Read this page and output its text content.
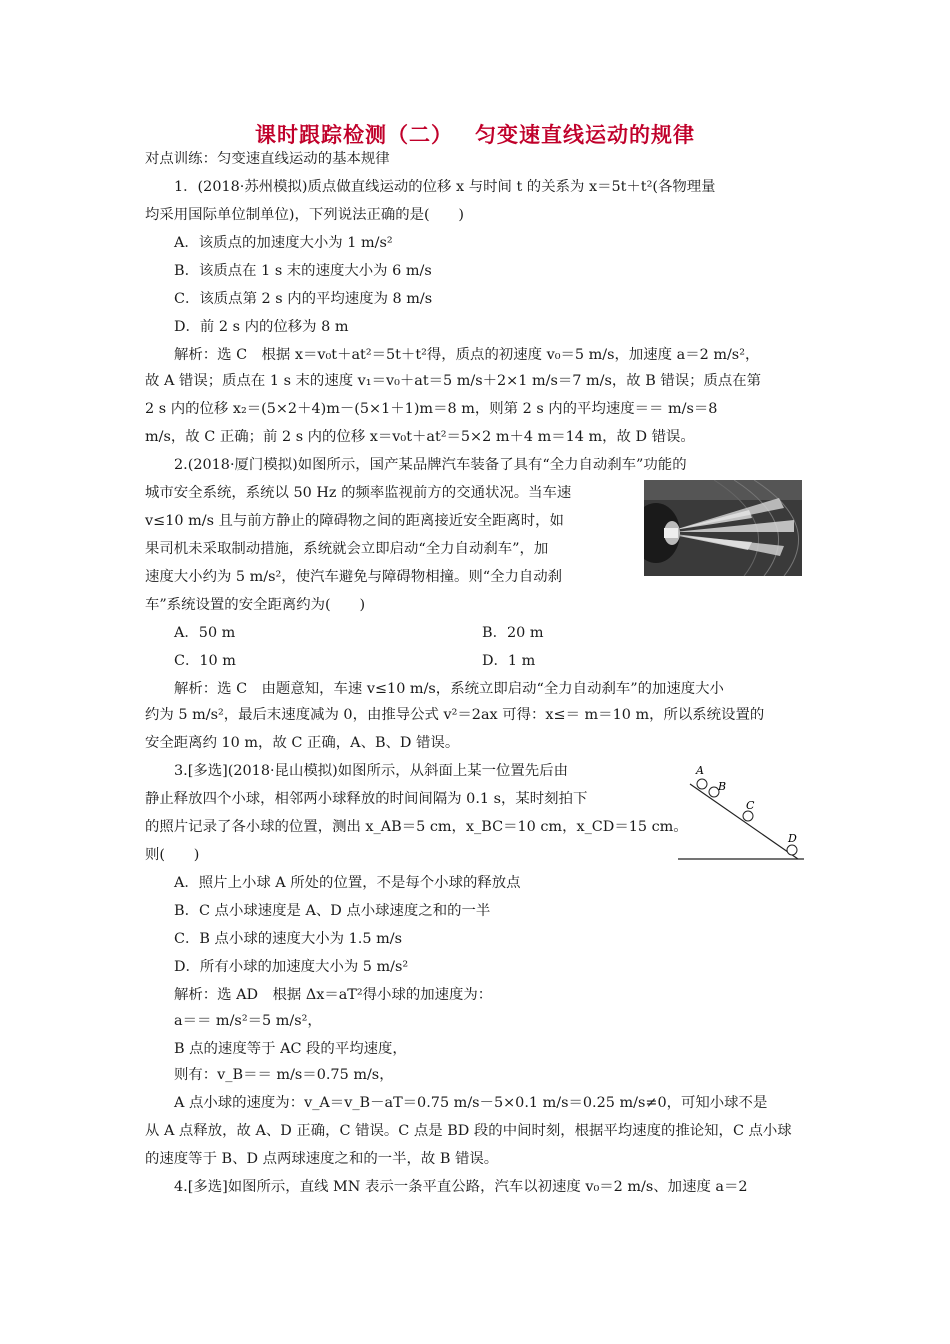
课时跟踪检测（二） 匀变速直线运动的规律
对点训练：匀变速直线运动的基本规律
1．(2018·苏州模拟)质点做直线运动的位移 x 与时间 t 的关系为 x＝5t＋t²(各物理量
均采用国际单位制单位)，下列说法正确的是(　　)
A．该质点的加速度大小为 1 m/s²
B．该质点在 1 s 末的速度大小为 6 m/s
C．该质点第 2 s 内的平均速度为 8 m/s
D．前 2 s 内的位移为 8 m
解析：选 C　根据 x＝v₀t＋at²＝5t＋t²得，质点的初速度 v₀＝5 m/s，加速度 a＝2 m/s²，
故 A 错误；质点在 1 s 末的速度 v₁＝v₀＋at＝5 m/s＋2×1 m/s＝7 m/s，故 B 错误；质点在第
2 s 内的位移 x₂＝(5×2＋4)m－(5×1＋1)m＝8 m，则第 2 s 内的平均速度＝＝ m/s＝8
m/s，故 C 正确；前 2 s 内的位移 x＝v₀t＋at²＝5×2 m＋4 m＝14 m，故 D 错误。
2.(2018·厦门模拟)如图所示，国产某品牌汽车装备了具有“全力自动刹车”功能的
城市安全系统，系统以 50 Hz 的频率监视前方的交通状况。当车速
v≤10 m/s 且与前方静止的障碍物之间的距离接近安全距离时，如
果司机未采取制动措施，系统就会立即启动“全力自动刹车”，加
速度大小约为 5 m/s²，使汽车避免与障碍物相撞。则“全力自动刹
车”系统设置的安全距离约为(　　)
A．50 m	B．20 m
C．10 m	D．1 m
解析：选 C　由题意知，车速 v≤10 m/s，系统立即启动“全力自动刹车”的加速度大小
约为 5 m/s²，最后末速度减为 0，由推导公式 v²＝2ax 可得：x≤＝ m＝10 m，所以系统设置的
安全距离约 10 m，故 C 正确，A、B、D 错误。
3.[多选](2018·昆山模拟)如图所示，从斜面上某一位置先后由
静止释放四个小球，相邻两小球释放的时间间隔为 0.1 s，某时刻拍下
的照片记录了各小球的位置，测出 x_AB＝5 cm，x_BC＝10 cm，x_CD＝15 cm。
则(　　)
A
B
C
D
A．照片上小球 A 所处的位置，不是每个小球的释放点
B．C 点小球速度是 A、D 点小球速度之和的一半
C．B 点小球的速度大小为 1.5 m/s
D．所有小球的加速度大小为 5 m/s²
解析：选 AD　根据 Δx＝aT²得小球的加速度为：
a＝＝ m/s²＝5 m/s²，
B 点的速度等于 AC 段的平均速度，
则有：v_B＝＝ m/s＝0.75 m/s，
A 点小球的速度为：v_A＝v_B－aT＝0.75 m/s－5×0.1 m/s＝0.25 m/s≠0，可知小球不是
从 A 点释放，故 A、D 正确，C 错误。C 点是 BD 段的中间时刻，根据平均速度的推论知，C 点小球
的速度等于 B、D 点两球速度之和的一半，故 B 错误。
4.[多选]如图所示，直线 MN 表示一条平直公路，汽车以初速度 v₀＝2 m/s、加速度 a＝2
